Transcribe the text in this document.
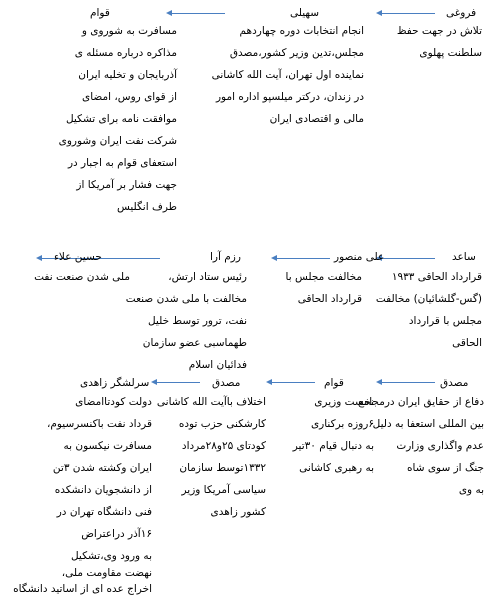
فروغی
تلاش در جهت حفظ
سلطنت پهلوی
سهیلی
انجام انتخابات دوره چهاردهم
مجلس،تدین وزیر کشور،مصدق
نماینده اول تهران، آیت الله کاشانی
در زندان، درکتر میلسپو اداره امور
مالی و اقتصادی ایران
قوام
مسافرت به شوروی و
مذاکره درباره مسئله ی
آذربایجان و تخلیه ایران
از قوای روس، امضای
موافقت نامه برای تشکیل
شرکت نفت ایران وشوروی
استعفای قوام به اجبار در
جهت فشار بر آمریکا از
طرف انگلیس
ساعد
قرارداد الحاقی ۱۹۳۳
(گس-گلشائیان) مخالفت
مجلس با قرارداد
الحاقی
علی منصور
مخالفت مجلس با
قرارداد الحاقی
رزم آرا
رئیس ستاد ارتش،
مخالفت با ملی شدن صنعت
نفت، ترور توسط خلیل
طهماسبی عضو سازمان
فدائیان اسلام
حسین علاء
ملی شدن صنعت نفت
مصدق
دفاع از حقایق ایران درمجامع
بین المللی استعفا به دلیل
عدم واگذاری وزارت
جنگ از سوی شاه
به وی
قوام
نخست وزیری
۶روزه برکناری
به دنبال قیام ۳۰تیر
به رهبری کاشانی
مصدق
اختلاف باآیت الله کاشانی
کارشکنی حزب توده
کودتای ۲۵و۲۸مرداد
۱۳۳۲توسط سازمان
سیاسی آمریکا وزیر
کشور زاهدی
سرلشگر زاهدی
دولت کودتاامضای
قرداد نفت باکنسرسیوم،
مسافرت نیکسون به
ایران وکشته شدن ۳تن
از دانشجویان دانشکده
فنی دانشگاه تهران در
۱۶آذر دراعتراض
به ورود وی،تشکیل
نهضت مقاومت ملی،
اخراج عده ای از اساتید دانشگاه
